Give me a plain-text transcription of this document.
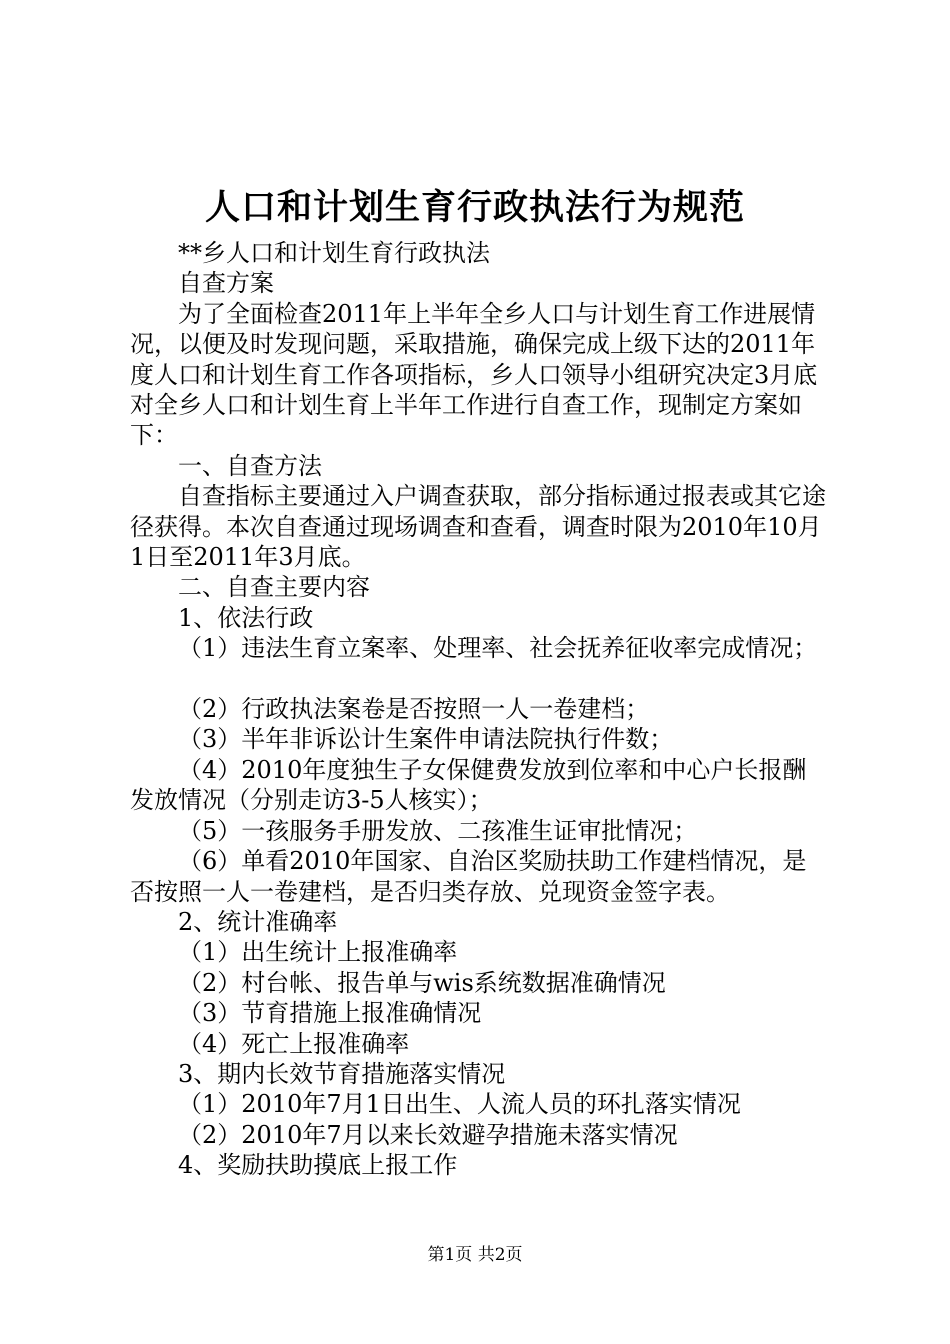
人口和计划生育行政执法行为规范

**乡人口和计划生育行政执法

自查方案

为了全面检查2011年上半年全乡人口与计划生育工作进展情况，以便及时发现问题，采取措施，确保完成上级下达的2011年度人口和计划生育工作各项指标，乡人口领导小组研究决定3月底对全乡人口和计划生育上半年工作进行自查工作，现制定方案如下：

一、自查方法

自查指标主要通过入户调查获取，部分指标通过报表或其它途径获得。本次自查通过现场调查和查看，调查时限为2010年10月1日至2011年3月底。

二、自查主要内容

1、依法行政

（1）违法生育立案率、处理率、社会抚养征收率完成情况；

（2）行政执法案卷是否按照一人一卷建档；

（3）半年非诉讼计生案件申请法院执行件数；

（4）2010年度独生子女保健费发放到位率和中心户长报酬发放情况（分别走访3-5人核实）；

（5）一孩服务手册发放、二孩准生证审批情况；

（6）单看2010年国家、自治区奖励扶助工作建档情况，是否按照一人一卷建档，是否归类存放、兑现资金签字表。

2、统计准确率

（1）出生统计上报准确率

（2）村台帐、报告单与wis系统数据准确情况

（3）节育措施上报准确情况

（4）死亡上报准确率

3、期内长效节育措施落实情况

（1）2010年7月1日出生、人流人员的环扎落实情况

（2）2010年7月以来长效避孕措施未落实情况

4、奖励扶助摸底上报工作

第1页 共2页
